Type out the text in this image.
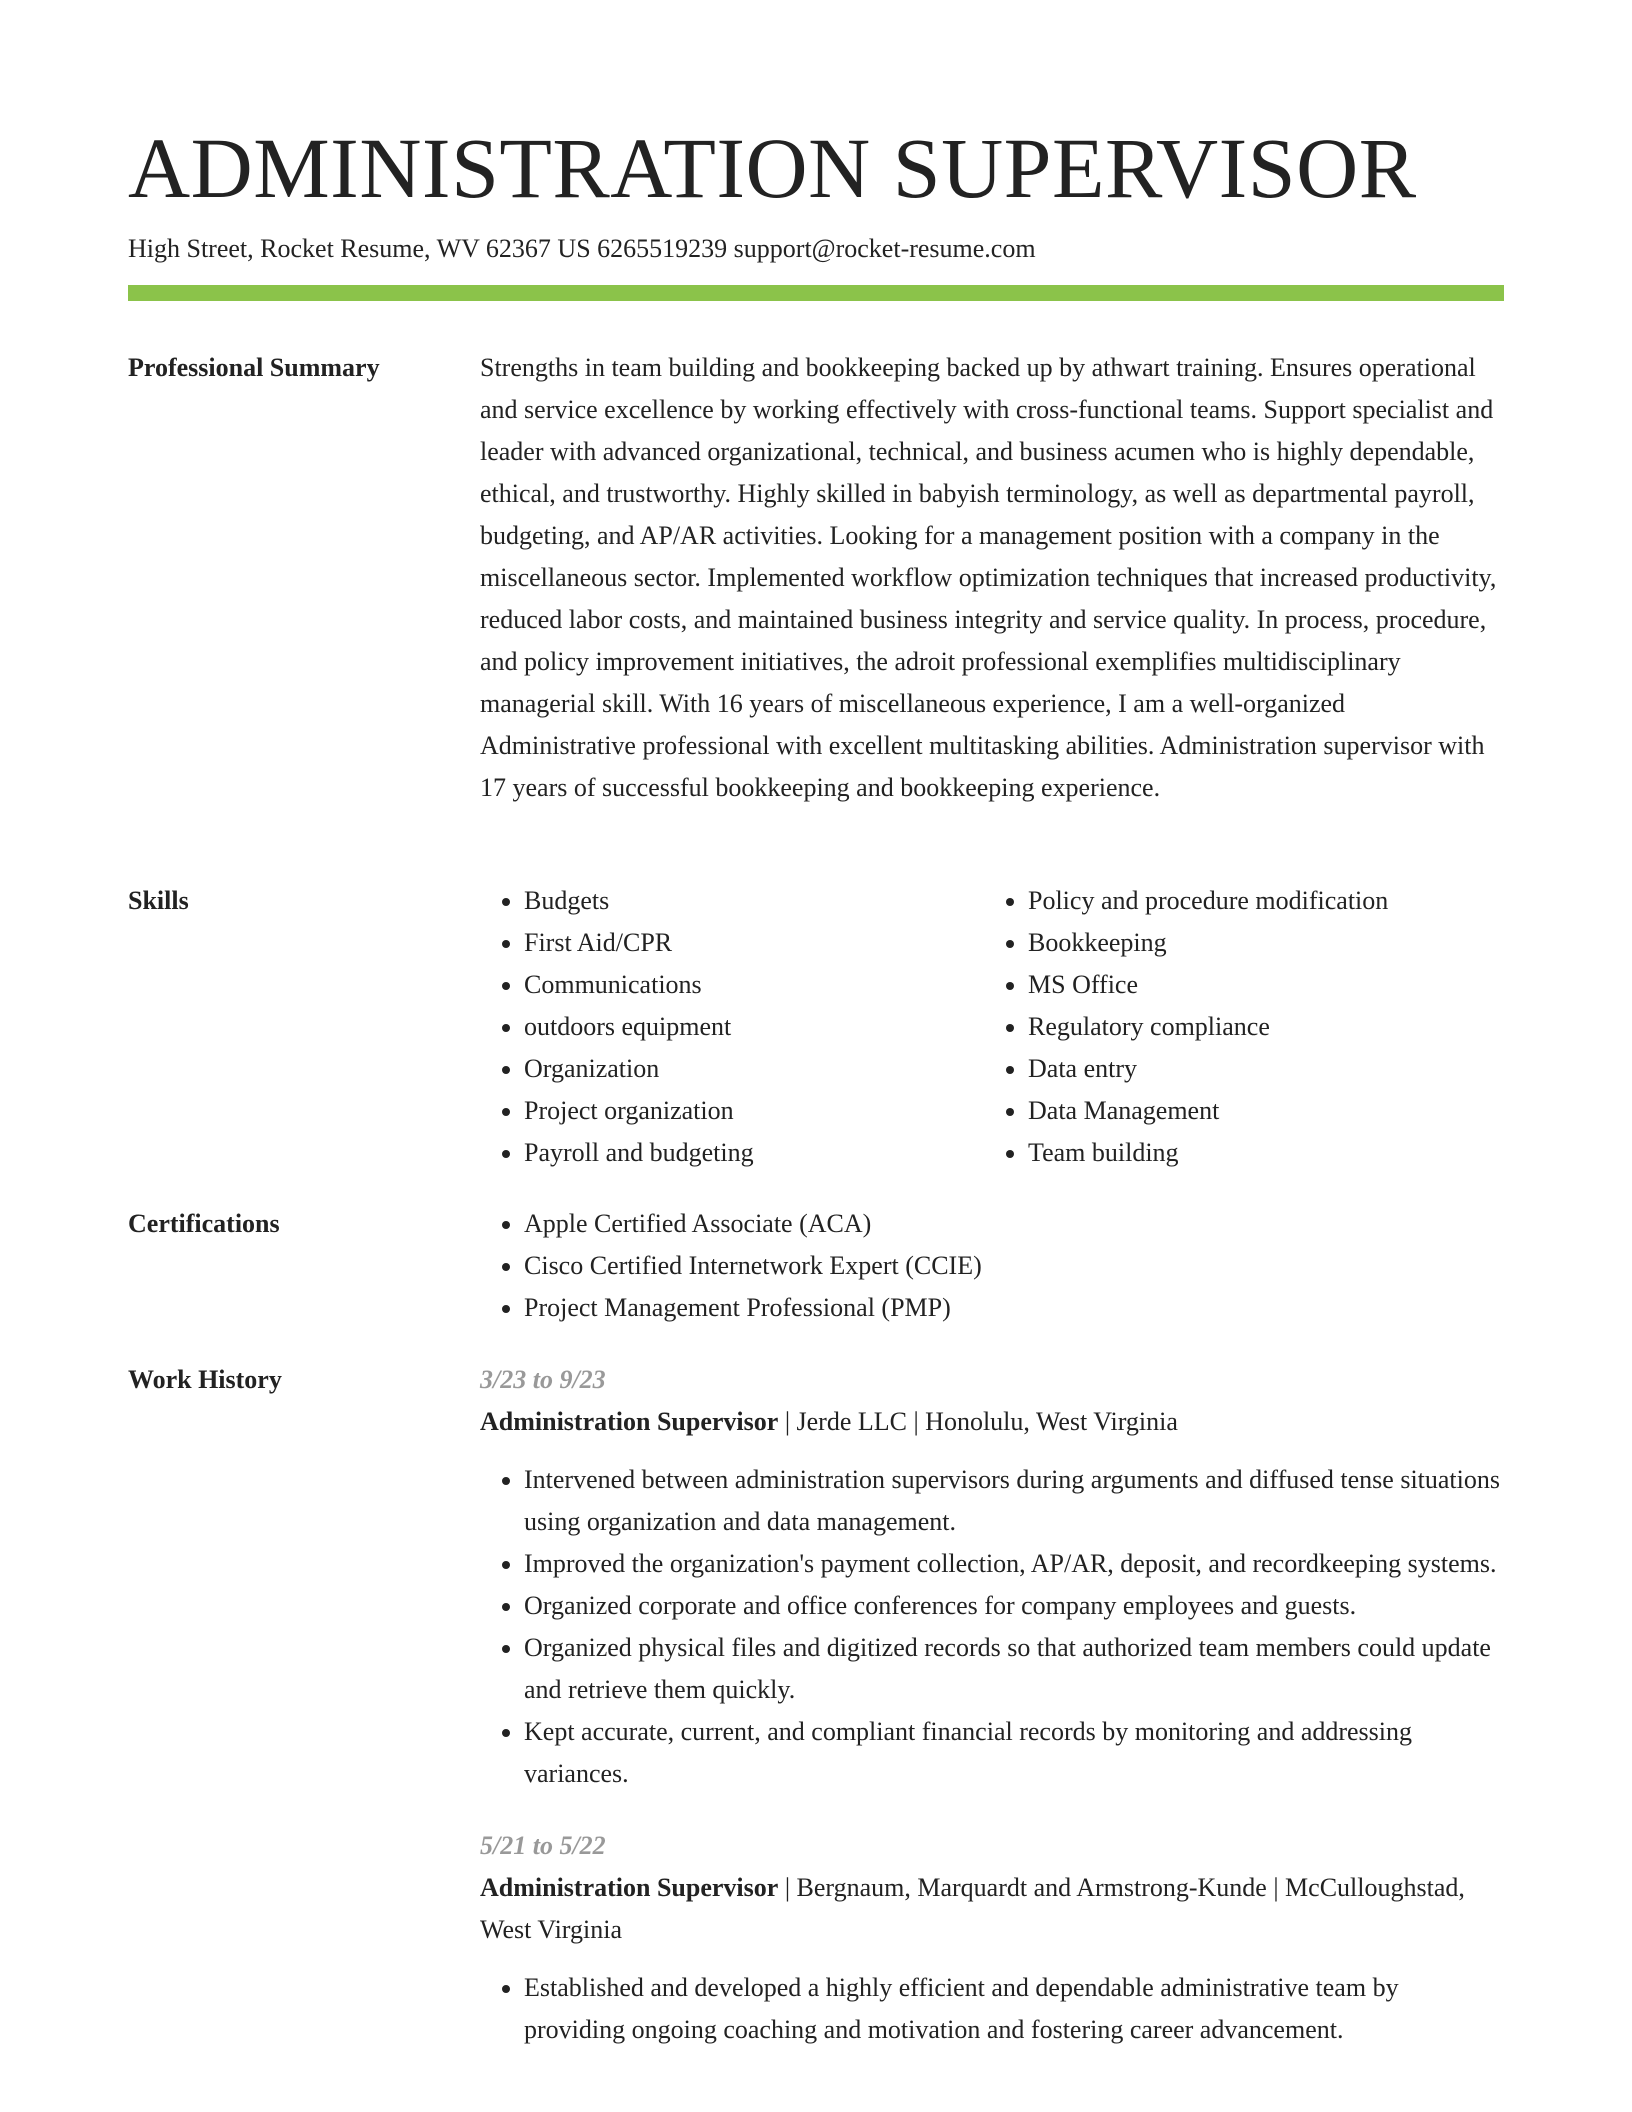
ADMINISTRATION SUPERVISOR
High Street, Rocket Resume, WV 62367 US 6265519239 support@rocket-resume.com
Professional Summary	Strengths in team building and bookkeeping backed up by athwart training. Ensures operational and service excellence by working effectively with cross-functional teams. Support specialist and leader with advanced organizational, technical, and business acumen who is highly dependable, ethical, and trustworthy. Highly skilled in babyish terminology, as well as departmental payroll, budgeting, and AP/AR activities. Looking for a management position with a company in the miscellaneous sector. Implemented workflow optimization techniques that increased productivity, reduced labor costs, and maintained business integrity and service quality. In process, procedure, and policy improvement initiatives, the adroit professional exemplifies multidisciplinary managerial skill. With 16 years of miscellaneous experience, I am a well-organized Administrative professional with excellent multitasking abilities. Administration supervisor with 17 years of successful bookkeeping and bookkeeping experience.
Skills	• Budgets
• First Aid/CPR
• Communications
• outdoors equipment
• Organization
• Project organization
• Payroll and budgeting
• Policy and procedure modification
• Bookkeeping
• MS Office
• Regulatory compliance
• Data entry
• Data Management
• Team building
Certifications	• Apple Certified Associate (ACA)
• Cisco Certified Internetwork Expert (CCIE)
• Project Management Professional (PMP)
Work History	3/23 to 9/23
Administration Supervisor | Jerde LLC | Honolulu, West Virginia
• Intervened between administration supervisors during arguments and diffused tense situations using organization and data management.
• Improved the organization's payment collection, AP/AR, deposit, and recordkeeping systems.
• Organized corporate and office conferences for company employees and guests.
• Organized physical files and digitized records so that authorized team members could update and retrieve them quickly.
• Kept accurate, current, and compliant financial records by monitoring and addressing variances.
5/21 to 5/22
Administration Supervisor | Bergnaum, Marquardt and Armstrong-Kunde | McCulloughstad, West Virginia
• Established and developed a highly efficient and dependable administrative team by providing ongoing coaching and motivation and fostering career advancement.
